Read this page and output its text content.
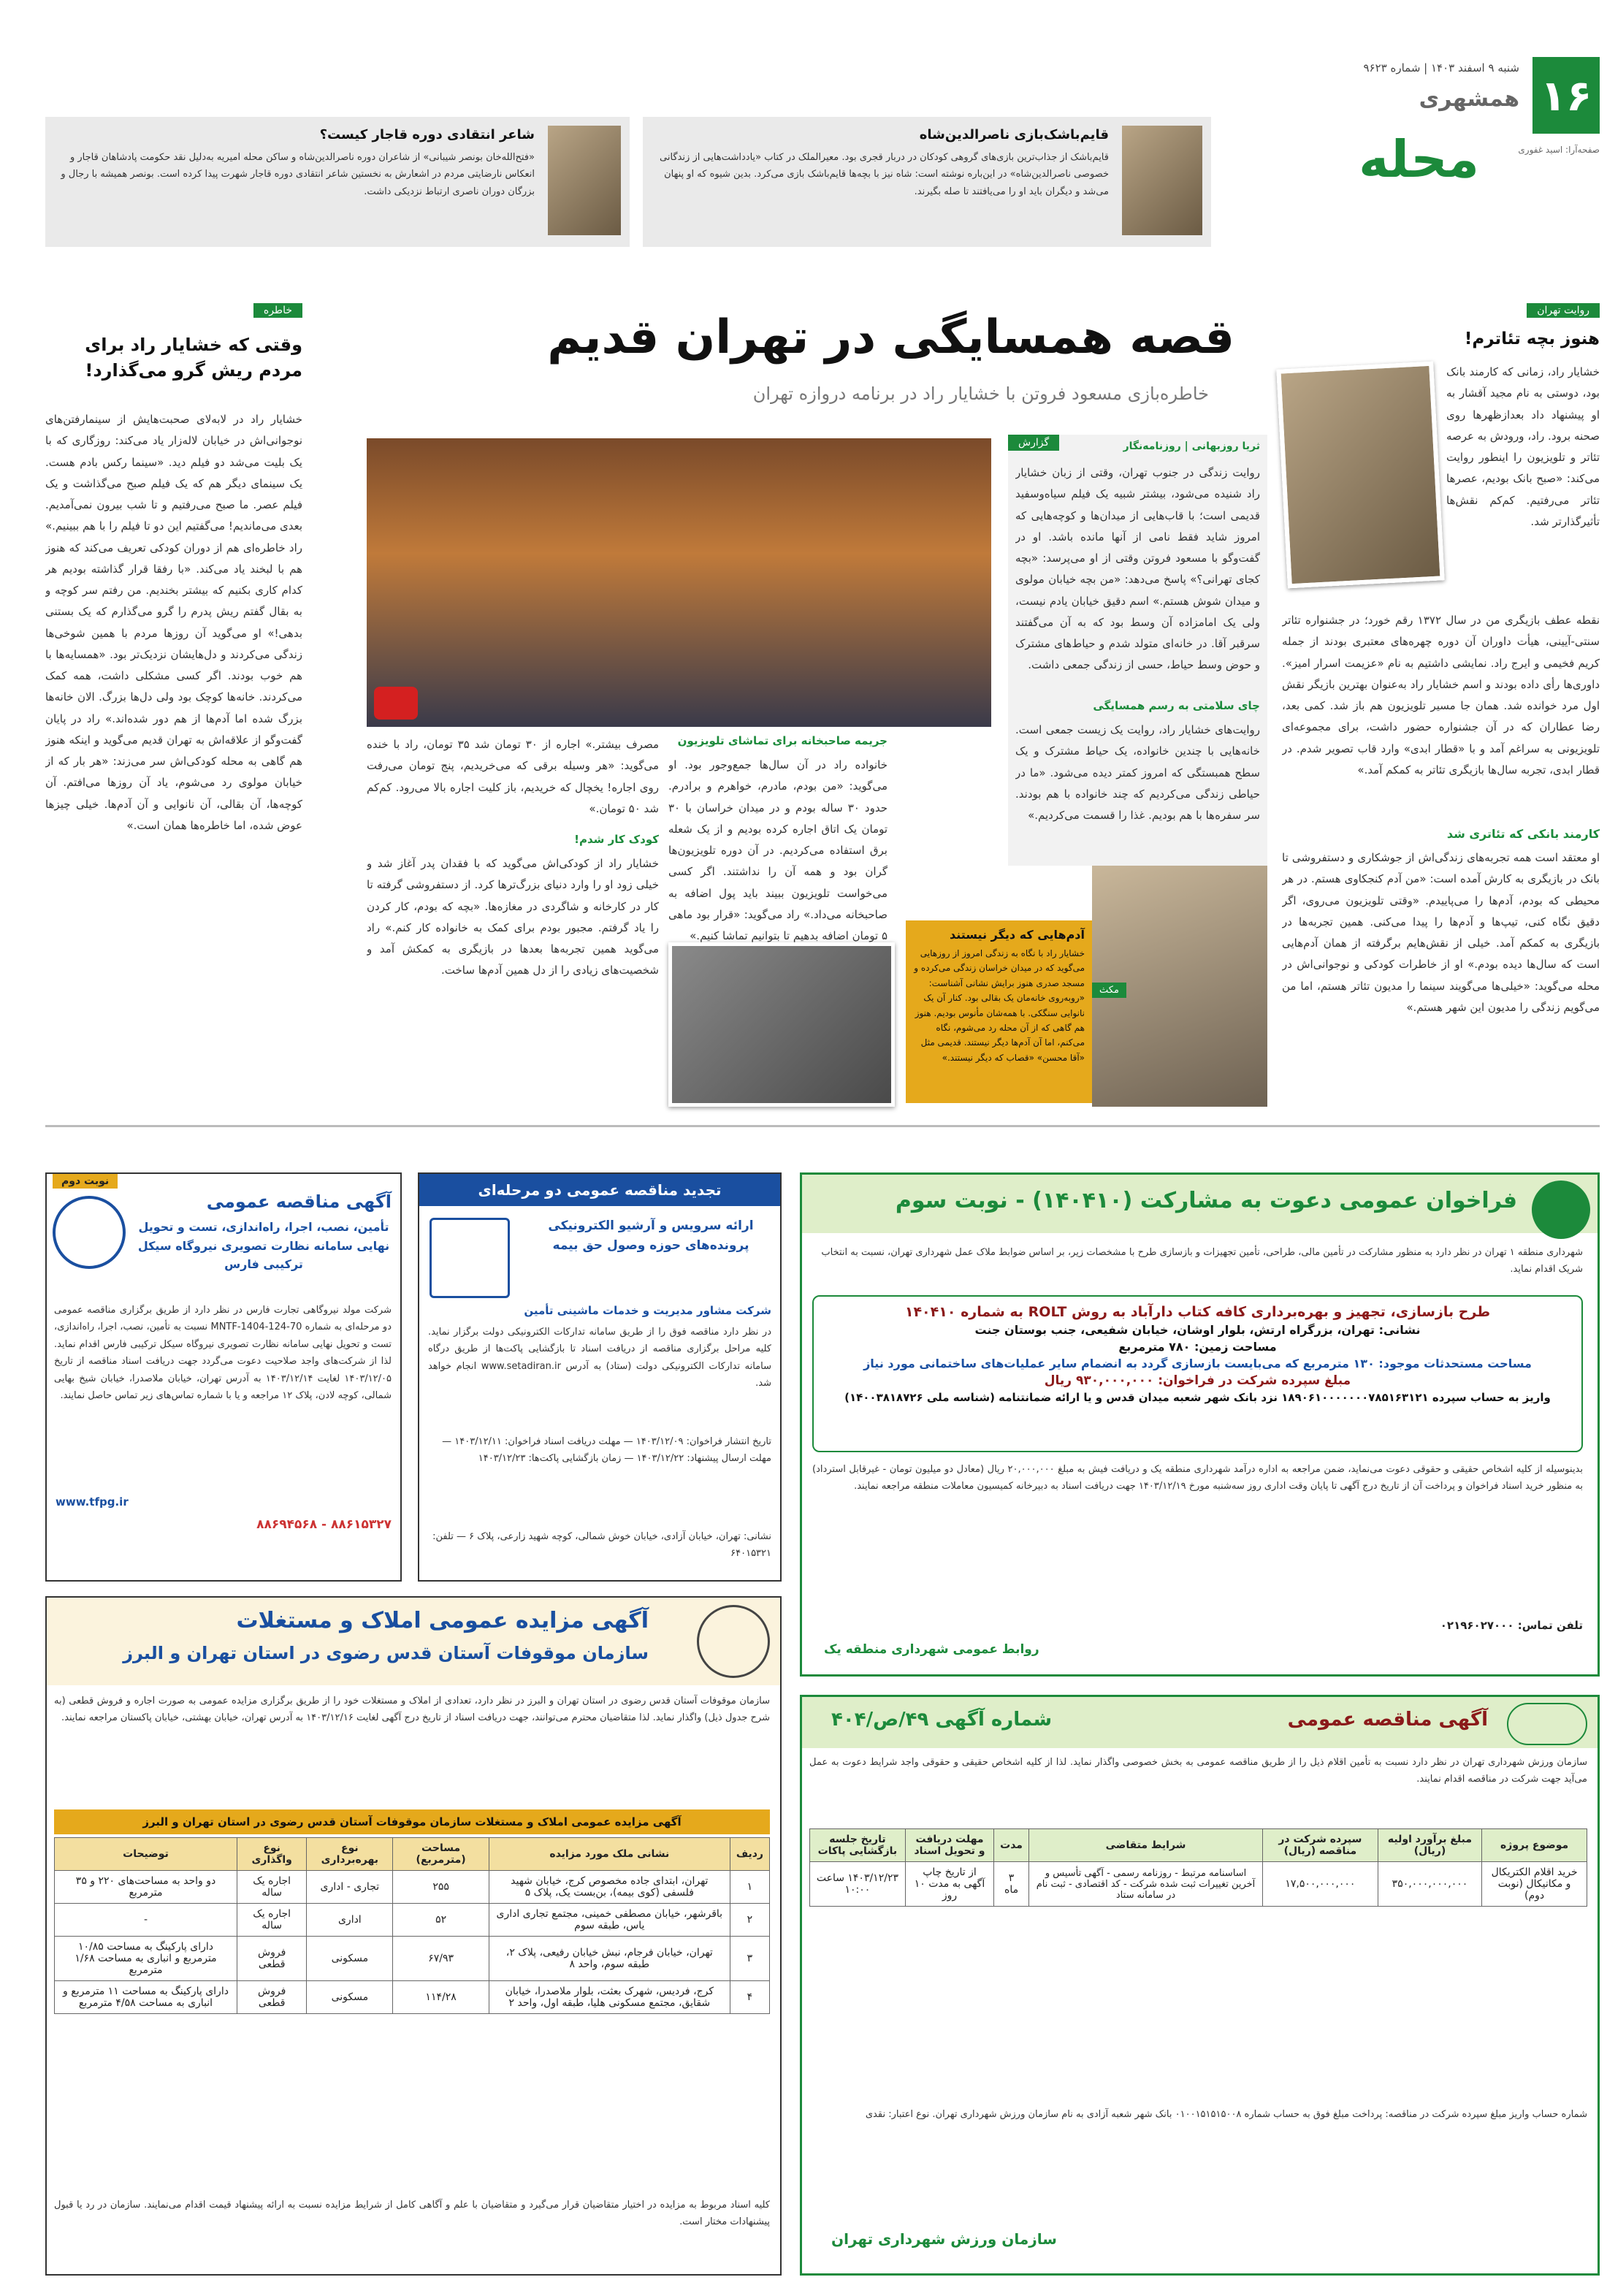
۱۶
شنبه ۹ اسفند ۱۴۰۳ | شماره ۹۶۲۳
همشهری
محله	صفحه‌آرا: اسید غفوری
قایم‌باشک‌بازی ناصرالدین‌شاه
قایم‌باشک از جذاب‌ترین بازی‌های گروهی کودکان در دربار قجری بود. معیرالملک در کتاب «یادداشت‌هایی از زندگانی خصوصی ناصرالدین‌شاه» در این‌باره نوشته است: شاه نیز با بچه‌ها قایم‌باشک بازی می‌کرد. بدین شیوه که او پنهان می‌شد و دیگران باید او را می‌یافتند تا صله بگیرند.
شاعر انتقادی دوره قاجار کیست؟
«فتح‌الله‌خان بونصر شیبانی» از شاعران دوره ناصرالدین‌شاه و ساکن محله امیریه به‌دلیل نقد حکومت پادشاهان قاجار و انعکاس نارضایتی مردم در اشعارش به نخستین شاعر انتقادی دوره قاجار شهرت پیدا کرده است. بونصر همیشه با رجال و بزرگان دوران ناصری ارتباط نزدیکی داشت.
روایت تهران
هنوز بچه تئاترم!
خشایار راد، زمانی که کارمند بانک بود، دوستی به نام مجید آقشار به او پیشنهاد داد بعدازظهرها روی صحنه برود. راد، ورودش به عرصه تئاتر و تلویزیون را اینطور روایت می‌کند: «صبح بانک بودیم، عصرها تئاتر می‌رفتیم. کم‌کم نقش‌ها تأثیرگذارتر شد.
نقطه عطف بازیگری من در سال ۱۳۷۲ رقم خورد؛ در جشنواره تئاتر سنتی-آیینی، هیأت داوران آن دوره چهره‌های معتبری بودند از جمله کریم فخیمی و ایرج راد. نمایشی داشتیم به نام «عزیمت اسرار امیز». داوری‌ها رأی داده بودند و اسم خشایار راد به‌عنوان بهترین بازیگر نقش اول مرد خوانده شد. همان جا مسیر تلویزیون هم باز شد. کمی بعد، رضا عطاران که در آن جشنواره حضور داشت، برای مجموعه‌ای تلویزیونی به سراغم آمد و با «قطار ابدی» وارد قاب تصویر شدم. در قطار ابدی، تجربه سال‌ها بازیگری تئاتر به کمکم آمد.»
کارمند بانکی که تئاتری شد
او معتقد است همه تجربه‌های زندگی‌اش از جوشکاری و دستفروشی تا بانک در بازیگری به کارش آمده است: «من آدم کنجکاوی هستم. در هر محیطی که بودم، آدم‌ها را می‌پاییدم. «وقتی تلویزیون می‌روی، اگر دقیق نگاه کنی، تیپ‌ها و آدم‌ها را پیدا می‌کنی. همین تجربه‌ها در بازیگری به کمکم آمد. خیلی از نقش‌هایم برگرفته از همان آدم‌هایی است که سال‌ها دیده بودم.» او از خاطرات کودکی و نوجوانی‌اش در محله می‌گوید: «خیلی‌ها می‌گویند سینما را مدیون تئاتر هستم، اما من می‌گویم زندگی را مدیون این شهر هستم.»
قصه همسایگی در تهران قدیم
خاطره‌بازی مسعود فروتن با خشایار راد در برنامه دروازه تهران
گزارش	ثریا روزبهانی | روزنامه‌نگار
روایت زندگی در جنوب تهران، وقتی از زبان خشایار راد شنیده می‌شود، بیشتر شبیه یک فیلم سیاه‌وسفید قدیمی است؛ با قاب‌هایی از میدان‌ها و کوچه‌هایی که امروز شاید فقط نامی از آنها مانده باشد. او در گفت‌وگو با مسعود فروتن وقتی از او می‌پرسد: «بچه کجای تهرانی؟» پاسخ می‌دهد: «من بچه خیابان مولوی و میدان شوش هستم.» اسم دقیق خیابان یادم نیست، ولی یک امامزاده آن وسط بود که به آن می‌گفتند سرقبر آقا. در خانه‌ای متولد شدم و حیاط‌های مشترک و حوض وسط حیاط، حسی از زندگی جمعی داشت.
چای سلامتی به رسم همسایگی
روایت‌های خشایار راد، روایت یک زیست جمعی است. خانه‌هایی با چندین خانواده، یک حیاط مشترک و یک سطح همبستگی که امروز کمتر دیده می‌شود. «ما در حیاطی زندگی می‌کردیم که چند خانواده با هم بودند. سر سفره‌ها با هم بودیم. غذا را قسمت می‌کردیم.»
جریمه صاحبخانه برای تماشای تلویزیون
خانواده راد در آن سال‌ها جمع‌وجور بود. او می‌گوید: «من بودم، مادرم، خواهرم و برادرم. حدود ۳۰ ساله بودم و در میدان خراسان با ۳۰ تومان یک اتاق اجاره کرده بودیم و از یک شعله برق استفاده می‌کردیم. در آن دوره تلویزیون‌ها گران بود و همه آن را نداشتند. اگر کسی می‌خواست تلویزیون ببیند باید پول اضافه به صاحبخانه می‌داد.» راد می‌گوید: «قرار بود ماهی ۵ تومان اضافه بدهیم تا بتوانیم تماشا کنیم.»
مصرف بیشتر.» اجاره از ۳۰ تومان شد ۳۵ تومان، راد با خنده می‌گوید: «هر وسیله برقی که می‌خریدیم، پنج تومان می‌رفت روی اجاره! یخچال که خریدیم، باز کلیت اجاره بالا می‌رود. کم‌کم شد ۵۰ تومان.»
کودک کار شدم!
خشایار راد از کودکی‌اش می‌گوید که با فقدان پدر آغاز شد و خیلی زود او را وارد دنیای بزرگ‌ترها کرد. از دستفروشی گرفته تا کار در کارخانه و شاگردی در مغازه‌ها. «بچه که بودم، کار کردن را یاد گرفتم. مجبور بودم برای کمک به خانواده کار کنم.» راد می‌گوید همین تجربه‌ها بعدها در بازیگری به کمکش آمد و شخصیت‌های زیادی را از دل همین آدم‌ها ساخت.
آدم‌هایی که دیگر نیستند
خشایار راد با نگاه به زندگی امروز از روزهایی می‌گوید که در میدان خراسان زندگی می‌کرده و مسجد صدری هنوز برایش نشانی آشناست: «روبه‌روی خانه‌مان یک بقالی بود. کنار آن یک نانوایی سنگکی. با همه‌شان مأنوس بودیم. هنوز هم گاهی که از آن محله رد می‌شوم، نگاه می‌کنم، اما آن آدم‌ها دیگر نیستند. قدیمی مثل «آقا محسن» «قصاب که دیگر نیستند.»
مکث
خاطره
وقتی که خشایار راد برای مردم ریش گرو می‌گذارد!
خشایار راد در لابه‌لای صحبت‌هایش از سینمارفتن‌های نوجوانی‌اش در خیابان لاله‌زار یاد می‌کند: روزگاری که با یک بلیت می‌شد دو فیلم دید. «سینما رکس بادم هست. یک سینمای دیگر هم که یک فیلم صبح می‌گذاشت و یک فیلم عصر. ما صبح می‌رفتیم و تا شب بیرون نمی‌آمدیم. بعدی می‌ماندیم! می‌گفتیم این دو تا فیلم را با هم ببینیم.» راد خاطره‌ای هم از دوران کودکی تعریف می‌کند که هنوز هم با لبخند یاد می‌کند. «با رفقا قرار گذاشته بودیم هر کدام کاری بکنیم که بیشتر بخندیم. من رفتم سر کوچه و به بقال گفتم ریش پدرم را گرو می‌گذارم که یک بستنی بدهی!» او می‌گوید آن روزها مردم با همین شوخی‌ها زندگی می‌کردند و دل‌هایشان نزدیک‌تر بود. «همسایه‌ها با هم خوب بودند. اگر کسی مشکلی داشت، همه کمک می‌کردند. خانه‌ها کوچک بود ولی دل‌ها بزرگ. الان خانه‌ها بزرگ شده اما آدم‌ها از هم دور شده‌اند.» راد در پایان گفت‌وگو از علاقه‌اش به تهران قدیم می‌گوید و اینکه هنوز هم گاهی به محله کودکی‌اش سر می‌زند: «هر بار که از خیابان مولوی رد می‌شوم، یاد آن روزها می‌افتم. آن کوچه‌ها، آن بقالی، آن نانوایی و آن آدم‌ها. خیلی چیزها عوض شده، اما خاطره‌ها همان است.»
نوبت دوم
آگهی مناقصه عمومی
تأمین، نصب، اجرا، راه‌اندازی، تست و تحویل نهایی سامانه نظارت تصویری نیروگاه سیکل ترکیبی فارس
شرکت مولد نیروگاهی تجارت فارس در نظر دارد از طریق برگزاری مناقصه عمومی دو مرحله‌ای به شماره MNTF-1404-124-70 نسبت به تأمین، نصب، اجرا، راه‌اندازی، تست و تحویل نهایی سامانه نظارت تصویری نیروگاه سیکل ترکیبی فارس اقدام نماید. لذا از شرکت‌های واجد صلاحیت دعوت می‌گردد جهت دریافت اسناد مناقصه از تاریخ ۱۴۰۳/۱۲/۰۵ لغایت ۱۴۰۳/۱۲/۱۴ به آدرس تهران، خیابان ملاصدرا، خیابان شیخ بهایی شمالی، کوچه لادن، پلاک ۱۲ مراجعه و یا با شماره تماس‌های زیر تماس حاصل نمایند.
www.tfpg.ir
۸۸۶۱۵۳۲۷ - ۸۸۶۹۴۵۶۸
تجدید مناقصه عمومی دو مرحله‌ای
ارائه سرویس و آرشیو الکترونیکی پرونده‌های حوزه وصول حق بیمه
شرکت مشاور مدیریت و خدمات ماشینی تأمین
در نظر دارد مناقصه فوق را از طریق سامانه تدارکات الکترونیکی دولت برگزار نماید. کلیه مراحل برگزاری مناقصه از دریافت اسناد تا بازگشایی پاکت‌ها از طریق درگاه سامانه تدارکات الکترونیکی دولت (ستاد) به آدرس www.setadiran.ir انجام خواهد شد.
تاریخ انتشار فراخوان: ۱۴۰۳/۱۲/۰۹ — مهلت دریافت اسناد فراخوان: ۱۴۰۳/۱۲/۱۱ — مهلت ارسال پیشنهاد: ۱۴۰۳/۱۲/۲۲ — زمان بازگشایی پاکت‌ها: ۱۴۰۳/۱۲/۲۳
نشانی: تهران، خیابان آزادی، خیابان خوش شمالی، کوچه شهید زارعی، پلاک ۶ — تلفن: ۶۴۰۱۵۳۲۱
فراخوان عمومی دعوت به مشارکت (۱۴۰۴۱۰) - نوبت سوم
شهرداری منطقه ۱ تهران در نظر دارد به منظور مشارکت در تأمین مالی، طراحی، تأمین تجهیزات و بازسازی طرح با مشخصات زیر، بر اساس ضوابط ملاک عمل شهرداری تهران، نسبت به انتخاب شریک اقدام نماید.
طرح بازسازی، تجهیز و بهره‌برداری کافه کتاب دارآباد به روش ROLT به شماره ۱۴۰۴۱۰
نشانی: تهران، بزرگراه ارتش، بلوار اوشان، خیابان شفیعی، جنب بوستان جنت
مساحت زمین: ۷۸۰ مترمربع
مساحت مستحدثات موجود: ۱۳۰ مترمربع که می‌بایست بازسازی گردد به انضمام سایر عملیات‌های ساختمانی مورد نیاز
مبلغ سپرده شرکت در فراخوان: ۹۳۰,۰۰۰,۰۰۰ ریال
واریز به حساب سپرده ۱۸۹۰۶۱۰۰۰۰۰۰۰۷۸۵۱۶۳۱۲۱ نزد بانک شهر شعبه میدان قدس و یا ارائه ضمانتنامه (شناسه ملی ۱۴۰۰۳۸۱۸۷۲۶)
بدینوسیله از کلیه اشخاص حقیقی و حقوقی دعوت می‌نماید، ضمن مراجعه به اداره درآمد شهرداری منطقه یک و دریافت فیش به مبلغ ۲۰,۰۰۰,۰۰۰ ریال (معادل دو میلیون تومان - غیرقابل استرداد) به منظور خرید اسناد فراخوان و پرداخت آن از تاریخ درج آگهی تا پایان وقت اداری روز سه‌شنبه مورخ ۱۴۰۳/۱۲/۱۹ جهت دریافت اسناد به دبیرخانه کمیسیون معاملات منطقه مراجعه نمایند.
تلفن تماس: ۰۲۱۹۶۰۲۷۰۰۰
روابط عمومی شهرداری منطقه یک
آگهی مزایده عمومی املاک و مستغلات
سازمان موقوفات آستان قدس رضوی در استان تهران و البرز
سازمان موقوفات آستان قدس رضوی در استان تهران و البرز در نظر دارد، تعدادی از املاک و مستغلات خود را از طریق برگزاری مزایده عمومی به صورت اجاره و فروش قطعی (به شرح جدول ذیل) واگذار نماید. لذا متقاضیان محترم می‌توانند، جهت دریافت اسناد از تاریخ درج آگهی لغایت ۱۴۰۳/۱۲/۱۶ به آدرس تهران، خیابان بهشتی، خیابان پاکستان مراجعه نمایند.
آگهی مزایده عمومی املاک و مستغلات سازمان موقوفات آستان قدس رضوی در استان تهران و البرز
ردیف	نشانی ملک مورد مزایده	مساحت (مترمربع)	نوع بهره‌برداری	نوع واگذاری	توضیحات
۱	تهران، ابتدای جاده مخصوص کرج، خیابان شهید فلسفی (کوی بیمه)، بن‌بست یک، پلاک ۵	۲۵۵	تجاری - اداری	اجاره یک ساله	دو واحد به مساحت‌های ۲۲۰ و ۳۵ مترمربع
۲	باقرشهر، خیابان مصطفی خمینی، مجتمع تجاری اداری یاس، طبقه سوم	۵۲	اداری	اجاره یک ساله	-
۳	تهران، خیابان فرجام، نبش خیابان رفیعی، پلاک ۲، طبقه سوم، واحد ۸	۶۷/۹۳	مسکونی	فروش قطعی	دارای پارکینگ به مساحت ۱۰/۸۵ مترمربع و انباری به مساحت ۱/۶۸ مترمربع
۴	کرج، فردیس، شهرک بعثت، بلوار ملاصدرا، خیابان شقایق، مجتمع مسکونی هلیا، طبقه اول، واحد ۲	۱۱۴/۲۸	مسکونی	فروش قطعی	دارای پارکینگ به مساحت ۱۱ مترمربع و انباری به مساحت ۴/۵۸ مترمربع
کلیه اسناد مربوط به مزایده در اختیار متقاضیان قرار می‌گیرد و متقاضیان با علم و آگاهی کامل از شرایط مزایده نسبت به ارائه پیشنهاد قیمت اقدام می‌نمایند. سازمان در رد یا قبول پیشنهادات مختار است.
آگهی مناقصه عمومی
شماره آگهی ۴۹/ص/۴۰۴
سازمان ورزش شهرداری تهران در نظر دارد نسبت به تأمین اقلام ذیل را از طریق مناقصه عمومی به بخش خصوصی واگذار نماید. لذا از کلیه اشخاص حقیقی و حقوقی واجد شرایط دعوت به عمل می‌آید جهت شرکت در مناقصه اقدام نمایند.
موضوع پروژه	مبلغ برآورد اولیه (ریال)	سپرده شرکت در مناقصه (ریال)	شرایط متقاضی	مدت	مهلت دریافت و تحویل اسناد	تاریخ جلسه بازگشایی پاکات
خرید اقلام الکتریکال و مکانیکال (نوبت دوم)	۳۵۰,۰۰۰,۰۰۰,۰۰۰	۱۷,۵۰۰,۰۰۰,۰۰۰	اساسنامه مرتبط - روزنامه رسمی - آگهی تأسیس و آخرین تغییرات ثبت شده شرکت - کد اقتصادی - ثبت نام در سامانه ستاد	۳ ماه	از تاریخ چاپ آگهی به مدت ۱۰ روز	۱۴۰۳/۱۲/۲۳ ساعت ۱۰:۰۰
شماره حساب واریز مبلغ سپرده شرکت در مناقصه: پرداخت مبلغ فوق به حساب شماره ۰۱۰۰۱۵۱۵۱۵۰۰۸ بانک شهر شعبه آزادی به نام سازمان ورزش شهرداری تهران. نوع اعتبار: نقدی
سازمان ورزش شهرداری تهران
